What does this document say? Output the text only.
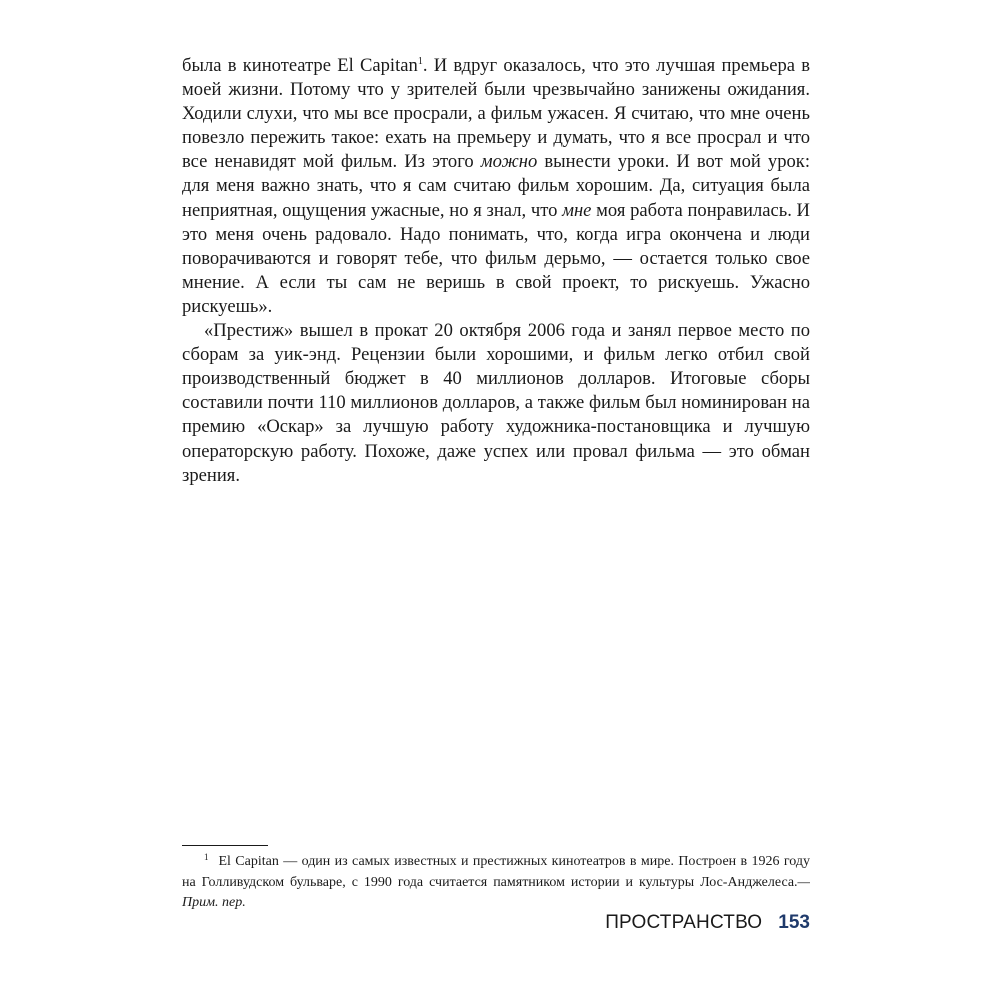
была в кинотеатре El Capitan$^1$. И вдруг оказалось, что это лучшая премьера в моей жизни. Потому что у зрителей были чрезвычайно занижены ожидания. Ходили слухи, что мы все просрали, а фильм ужасен. Я считаю, что мне очень повезло пережить такое: ехать на премьеру и думать, что я все просрал и что все ненавидят мой фильм. Из этого можно вынести уроки. И вот мой урок: для меня важно знать, что я сам считаю фильм хорошим. Да, ситуация была неприятная, ощущения ужасные, но я знал, что мне моя работа понравилась. И это меня очень радовало. Надо понимать, что, когда игра окончена и люди поворачиваются и говорят тебе, что фильм дерьмо, — остается только свое мнение. А если ты сам не веришь в свой проект, то рискуешь. Ужасно рискуешь».

«Престиж» вышел в прокат 20 октября 2006 года и занял первое место по сборам за уик-энд. Рецензии были хорошими, и фильм легко отбил свой производственный бюджет в 40 миллионов долларов. Итоговые сборы составили почти 110 миллионов долларов, а также фильм был номинирован на премию «Оскар» за лучшую работу художника-постановщика и лучшую операторскую работу. Похоже, даже успех или провал фильма — это обман зрения.

$^1$ El Capitan — один из самых известных и престижных кинотеатров в мире. Построен в 1926 году на Голливудском бульваре, с 1990 года считается памятником истории и культуры Лос-Анджелеса.— Прим. пер.

ПРОСТРАНСТВО 153
